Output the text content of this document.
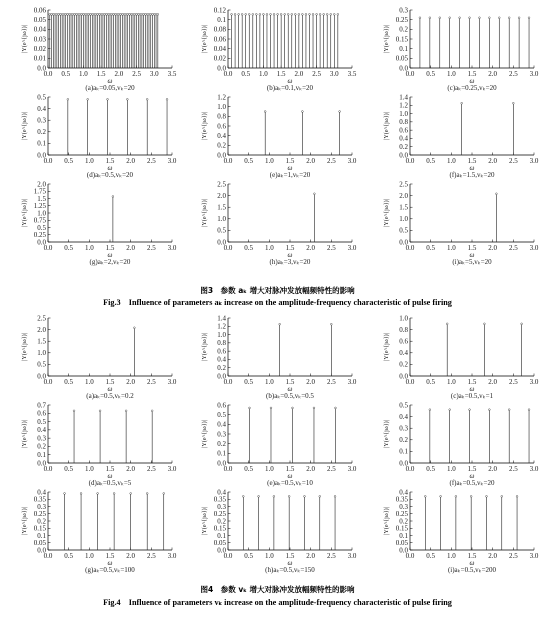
0.0
0.01
0.02
0.03
0.04
0.05
0.06
0.0 0.5 1.0 1.5 2.0 2.5 3.0 3.5
ω
|Y(e^{jω})|
(a)aₖ=0.05,vₖ=20
0.0
0.02
0.04
0.06
0.08
0.1
0.12
0.0 0.5 1.0 1.5 2.0 2.5 3.0 3.5
ω
|Y(e^{jω})|
(b)aₖ=0.1,vₖ=20
0.0
0.05
0.1
0.15
0.2
0.25
0.3
0.0 0.5 1.0 1.5 2.0 2.5 3.0
ω
|Y(e^{jω})|
(c)aₖ=0.25,vₖ=20
0.0
0.1
0.2
0.3
0.4
0.5
0.0 0.5 1.0 1.5 2.0 2.5 3.0
ω
|Y(e^{jω})|
(d)aₖ=0.5,vₖ=20
0.0
0.2
0.4
0.6
0.8
1.0
1.2
0.0 0.5 1.0 1.5 2.0 2.5 3.0
ω
|Y(e^{jω})|
(e)aₖ=1,vₖ=20
0.0
0.2
0.4
0.6
0.8
1.0
1.2
1.4
0.0 0.5 1.0 1.5 2.0 2.5 3.0
ω
|Y(e^{jω})|
(f)aₖ=1.5,vₖ=20
0.0
0.25
0.5
0.75
1.0
1.25
1.5
1.75
2.0
0.0 0.5 1.0 1.5 2.0 2.5 3.0
ω
|Y(e^{jω})|
(g)aₖ=2,vₖ=20
0.0
0.5
1.0
1.5
2.0
2.5
0.0 0.5 1.0 1.5 2.0 2.5 3.0
ω
|Y(e^{jω})|
(h)aₖ=3,vₖ=20
0.0
0.5
1.0
1.5
2.0
2.5
0.0 0.5 1.0 1.5 2.0 2.5 3.0
ω
|Y(e^{jω})|
(i)aₖ=5,vₖ=20
0.0
0.5
1.0
1.5
2.0
2.5
0.0 0.5 1.0 1.5 2.0 2.5 3.0
ω
|Y(e^{jω})|
(a)aₖ=0.5,vₖ=0.2
0.0
0.2
0.4
0.6
0.8
1.0
1.2
1.4
0.0 0.5 1.0 1.5 2.0 2.5 3.0
ω
|Y(e^{jω})|
(b)aₖ=0.5,vₖ=0.5
0.0
0.2
0.4
0.6
0.8
1.0
0.0 0.5 1.0 1.5 2.0 2.5 3.0
ω
|Y(e^{jω})|
(c)aₖ=0.5,vₖ=1
0.0
0.1
0.2
0.3
0.4
0.5
0.6
0.7
0.0 0.5 1.0 1.5 2.0 2.5 3.0
ω
|Y(e^{jω})|
(d)aₖ=0.5,vₖ=5
0.0
0.1
0.2
0.3
0.4
0.5
0.6
0.0 0.5 1.0 1.5 2.0 2.5 3.0
ω
|Y(e^{jω})|
(e)aₖ=0.5,vₖ=10
0.0
0.1
0.2
0.3
0.4
0.5
0.0 0.5 1.0 1.5 2.0 2.5 3.0
ω
|Y(e^{jω})|
(f)aₖ=0.5,vₖ=20
0.0
0.05
0.1
0.15
0.2
0.25
0.3
0.35
0.4
0.0 0.5 1.0 1.5 2.0 2.5 3.0
ω
|Y(e^{jω})|
(g)aₖ=0.5,vₖ=100
0.0
0.05
0.1
0.15
0.2
0.25
0.3
0.35
0.4
0.0 0.5 1.0 1.5 2.0 2.5 3.0
ω
|Y(e^{jω})|
(h)aₖ=0.5,vₖ=150
0.0
0.05
0.1
0.15
0.2
0.25
0.3
0.35
0.4
0.0 0.5 1.0 1.5 2.0 2.5 3.0
ω
|Y(e^{jω})|
(i)aₖ=0.5,vₖ=200
图3　参数 aₖ 增大对脉冲发放幅频特性的影响
Fig.3　Influence of parameters aₖ increase on the amplitude-frequency characteristic of pulse firing
图4　参数 vₖ 增大对脉冲发放幅频特性的影响
Fig.4　Influence of parameters vₖ increase on the amplitude-frequency characteristic of pulse firing
